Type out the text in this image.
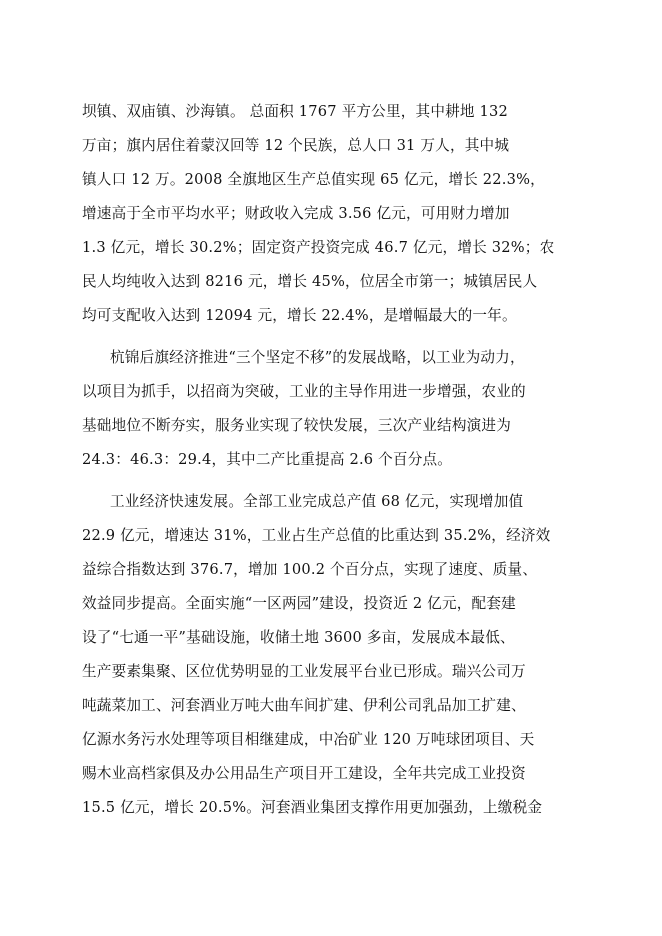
坝镇、双庙镇、沙海镇。 总面积 1767 平方公里，其中耕地 132
万亩；旗内居住着蒙汉回等 12 个民族，总人口 31 万人，其中城
镇人口 12 万。2008 全旗地区生产总值实现 65 亿元，增长 22.3%，
增速高于全市平均水平；财政收入完成 3.56 亿元，可用财力增加
1.3 亿元，增长 30.2%；固定资产投资完成 46.7 亿元，增长 32%；农
民人均纯收入达到 8216 元，增长 45%，位居全市第一；城镇居民人
均可支配收入达到 12094 元，增长 22.4%，是增幅最大的一年。
杭锦后旗经济推进“三个坚定不移”的发展战略，以工业为动力，
以项目为抓手，以招商为突破，工业的主导作用进一步增强，农业的
基础地位不断夯实，服务业实现了较快发展，三次产业结构演进为
24.3：46.3：29.4，其中二产比重提高 2.6 个百分点。
工业经济快速发展。全部工业完成总产值 68 亿元，实现增加值
22.9 亿元，增速达 31%，工业占生产总值的比重达到 35.2%，经济效
益综合指数达到 376.7，增加 100.2 个百分点，实现了速度、质量、
效益同步提高。全面实施“一区两园”建设，投资近 2 亿元，配套建
设了“七通一平”基础设施，收储土地 3600 多亩，发展成本最低、
生产要素集聚、区位优势明显的工业发展平台业已形成。瑞兴公司万
吨蔬菜加工、河套酒业万吨大曲车间扩建、伊利公司乳品加工扩建、
亿源水务污水处理等项目相继建成，中冶矿业 120 万吨球团项目、天
赐木业高档家俱及办公用品生产项目开工建设，全年共完成工业投资
15.5 亿元，增长 20.5%。河套酒业集团支撑作用更加强劲，上缴税金
